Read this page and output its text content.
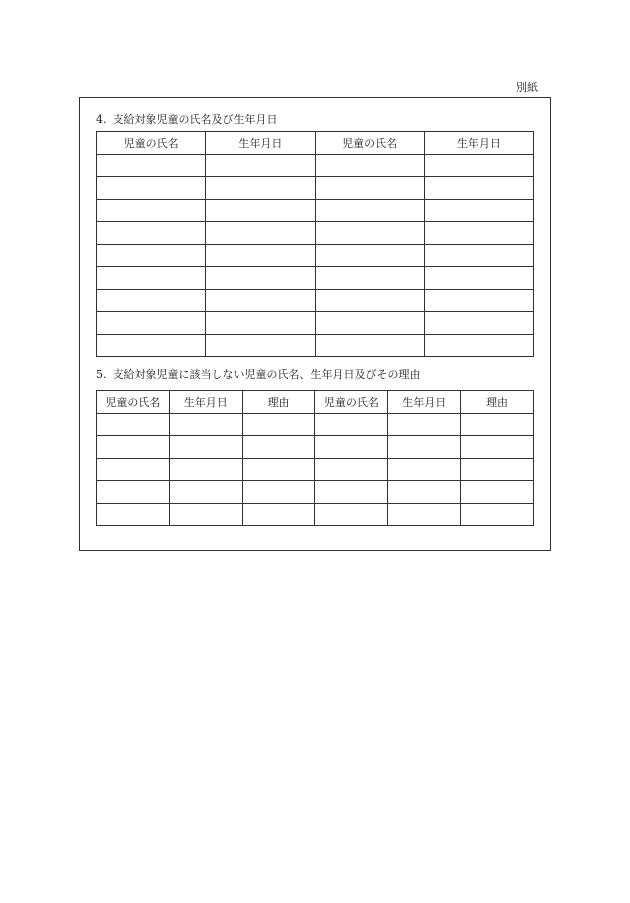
別紙
4. 支給対象児童の氏名及び生年月日
児童の氏名	生年月日	児童の氏名	生年月日

5. 支給対象児童に該当しない児童の氏名、生年月日及びその理由
児童の氏名	生年月日	理由	児童の氏名	生年月日	理由
